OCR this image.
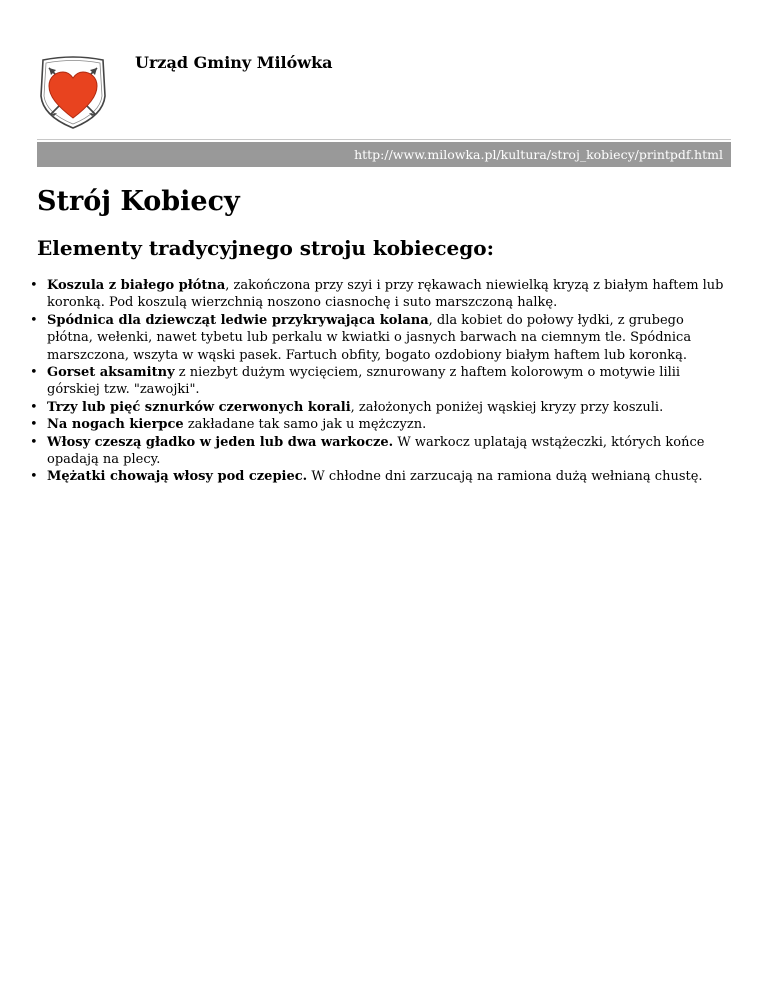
Urząd Gminy Milówka
http://www.milowka.pl/kultura/stroj_kobiecy/printpdf.html
Strój Kobiecy
Elementy tradycyjnego stroju kobiecego:
• Koszula z białego płótna, zakończona przy szyi i przy rękawach niewielką kryzą z białym haftem lub koronką. Pod koszulą wierzchnią noszono ciasnochę i suto marszczoną halkę.
• Spódnica dla dziewcząt ledwie przykrywająca kolana, dla kobiet do połowy łydki, z grubego płótna, wełenki, nawet tybetu lub perkalu w kwiatki o jasnych barwach na ciemnym tle. Spódnica marszczona, wszyta w wąski pasek. Fartuch obfity, bogato ozdobiony białym haftem lub koronką.
• Gorset aksamitny z niezbyt dużym wycięciem, sznurowany z haftem kolorowym o motywie lilii górskiej tzw. "zawojki".
• Trzy lub pięć sznurków czerwonych korali, założonych poniżej wąskiej kryzy przy koszuli.
• Na nogach kierpce zakładane tak samo jak u mężczyzn.
• Włosy czeszą gładko w jeden lub dwa warkocze. W warkocz uplatają wstążeczki, których końce opadają na plecy.
• Mężatki chowają włosy pod czepiec. W chłodne dni zarzucają na ramiona dużą wełnianą chustę.
